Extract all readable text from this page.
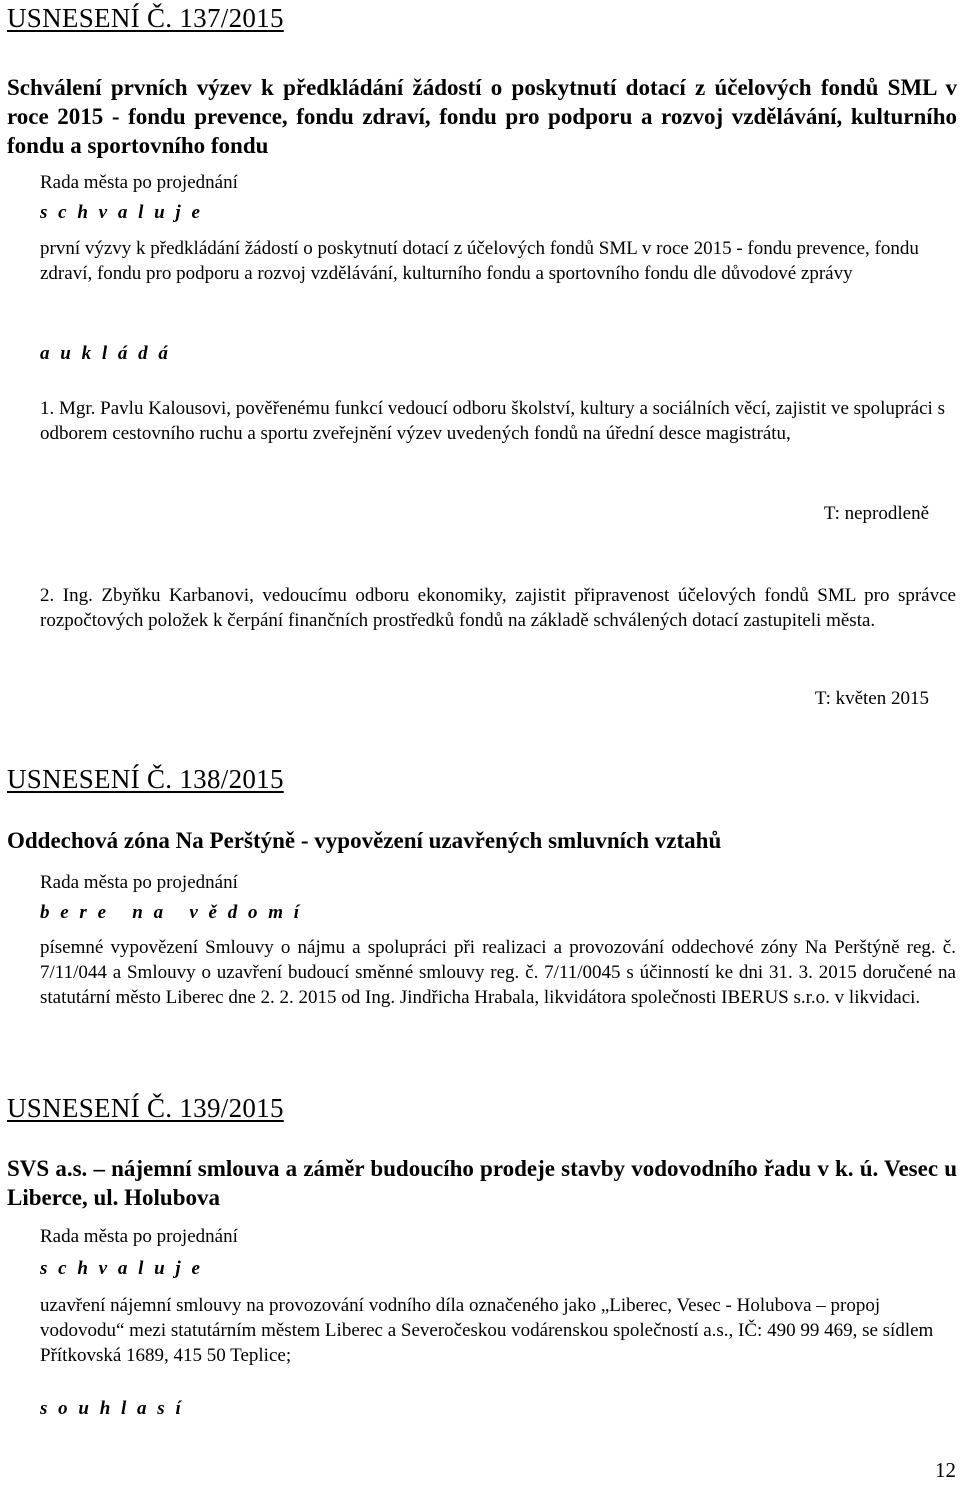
USNESENÍ Č. 137/2015
Schválení prvních výzev k předkládání žádostí o poskytnutí dotací z účelových fondů SML v roce 2015 - fondu prevence, fondu zdraví, fondu pro podporu a rozvoj vzdělávání, kulturního fondu a sportovního fondu
Rada města po projednání
s c h v a l u j e

první výzvy k předkládání žádostí o poskytnutí dotací z účelových fondů SML v roce 2015 - fondu prevence, fondu zdraví, fondu pro podporu a rozvoj vzdělávání, kulturního fondu a sportovního fondu dle důvodové zprávy

a u k l á d á

1. Mgr. Pavlu Kalousovi, pověřenému funkcí vedoucí odboru školství, kultury a sociálních věcí, zajistit ve spolupráci s odborem cestovního ruchu a sportu zveřejnění výzev uvedených fondů na úřední desce magistrátu,

T: neprodleně

2. Ing. Zbyňku Karbanovi, vedoucímu odboru ekonomiky, zajistit připravenost účelových fondů SML pro správce rozpočtových položek k čerpání finančních prostředků fondů na základě schválených dotací zastupiteli města.

T: květen 2015
USNESENÍ Č. 138/2015
Oddechová zóna Na Perštýně - vypovězení uzavřených smluvních vztahů
Rada města po projednání
b e r e   n a   v ě d o m í

písemné vypovězení Smlouvy o nájmu a spolupráci při realizaci a provozování oddechové zóny Na Perštýně reg. č. 7/11/044 a Smlouvy o uzavření budoucí směnné smlouvy reg. č. 7/11/0045 s účinností ke dni 31. 3. 2015 doručené na statutární město Liberec dne 2. 2. 2015 od Ing. Jindřicha Hrabala, likvidátora společnosti IBERUS s.r.o. v likvidaci.

USNESENÍ Č. 139/2015
SVS a.s. – nájemní smlouva a záměr budoucího prodeje stavby vodovodního řadu v k. ú. Vesec u Liberce, ul. Holubova
Rada města po projednání
s c h v a l u j e

uzavření nájemní smlouvy na provozování vodního díla označeného jako „Liberec, Vesec - Holubova – propoj vodovodu“ mezi statutárním městem Liberec a Severočeskou vodárenskou společností a.s., IČ: 490 99 469, se sídlem Přítkovská 1689, 415 50 Teplice;

s o u h l a s í
12
